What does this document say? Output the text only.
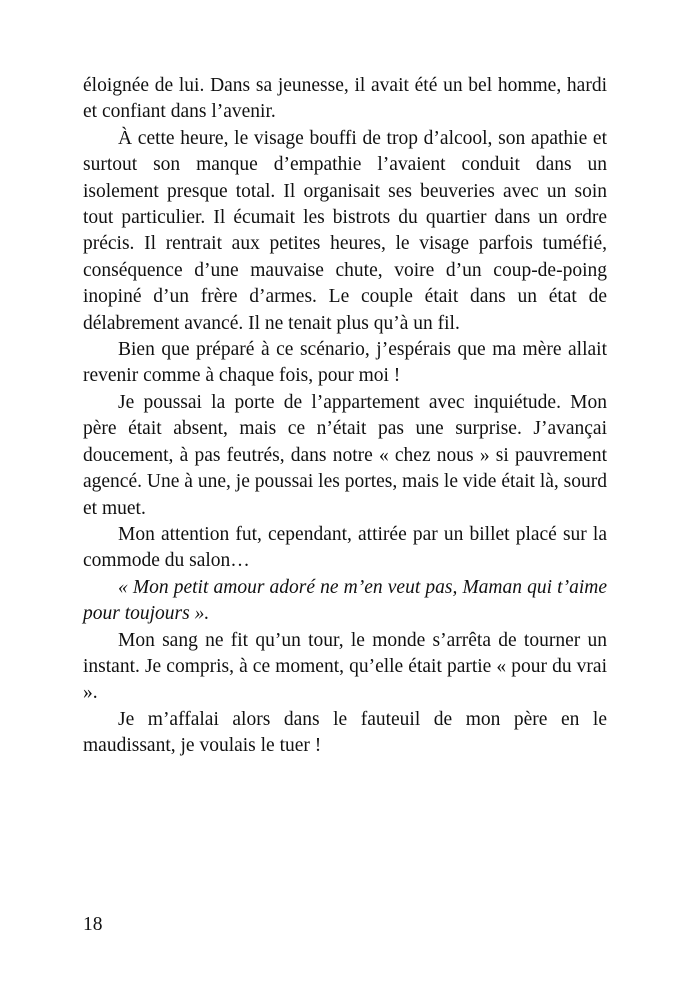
éloignée de lui. Dans sa jeunesse, il avait été un bel homme, hardi et confiant dans l’avenir.

À cette heure, le visage bouffi de trop d’alcool, son apathie et surtout son manque d’empathie l’avaient conduit dans un isolement presque total. Il organisait ses beuveries avec un soin tout particulier. Il écumait les bistrots du quartier dans un ordre précis. Il rentrait aux petites heures, le visage parfois tuméfié, conséquence d’une mauvaise chute, voire d’un coup-de-poing inopiné d’un frère d’armes. Le couple était dans un état de délabrement avancé. Il ne tenait plus qu’à un fil.

Bien que préparé à ce scénario, j’espérais que ma mère allait revenir comme à chaque fois, pour moi !

Je poussai la porte de l’appartement avec inquiétude. Mon père était absent, mais ce n’était pas une surprise. J’avançai doucement, à pas feutrés, dans notre « chez nous » si pauvrement agencé. Une à une, je poussai les portes, mais le vide était là, sourd et muet.

Mon attention fut, cependant, attirée par un billet placé sur la commode du salon…

« Mon petit amour adoré ne m’en veut pas, Maman qui t’aime pour toujours ».

Mon sang ne fit qu’un tour, le monde s’arrêta de tourner un instant. Je compris, à ce moment, qu’elle était partie « pour du vrai ».

Je m’affalai alors dans le fauteuil de mon père en le maudissant, je voulais le tuer !

18
